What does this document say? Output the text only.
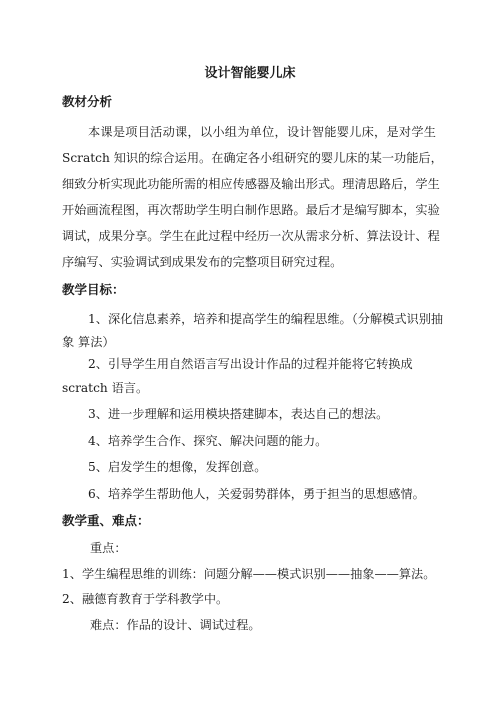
设计智能婴儿床
教材分析
本课是项目活动课，以小组为单位，设计智能婴儿床，是对学生
Scratch 知识的综合运用。在确定各小组研究的婴儿床的某一功能后，
细致分析实现此功能所需的相应传感器及输出形式。理清思路后，学生
开始画流程图，再次帮助学生明白制作思路。最后才是编写脚本，实验
调试，成果分享。学生在此过程中经历一次从需求分析、算法设计、程
序编写、实验调试到成果发布的完整项目研究过程。
教学目标：
1、深化信息素养，培养和提高学生的编程思维。（分解模式识别抽
象 算法）
2、引导学生用自然语言写出设计作品的过程并能将它转换成
scratch 语言。
3、进一步理解和运用模块搭建脚本，表达自己的想法。
4、培养学生合作、探究、解决问题的能力。
5、启发学生的想像，发挥创意。
6、培养学生帮助他人，关爱弱势群体，勇于担当的思想感情。
教学重、难点：
重点：
1、学生编程思维的训练：问题分解——模式识别——抽象——算法。
2、融德育教育于学科教学中。
难点：作品的设计、调试过程。
